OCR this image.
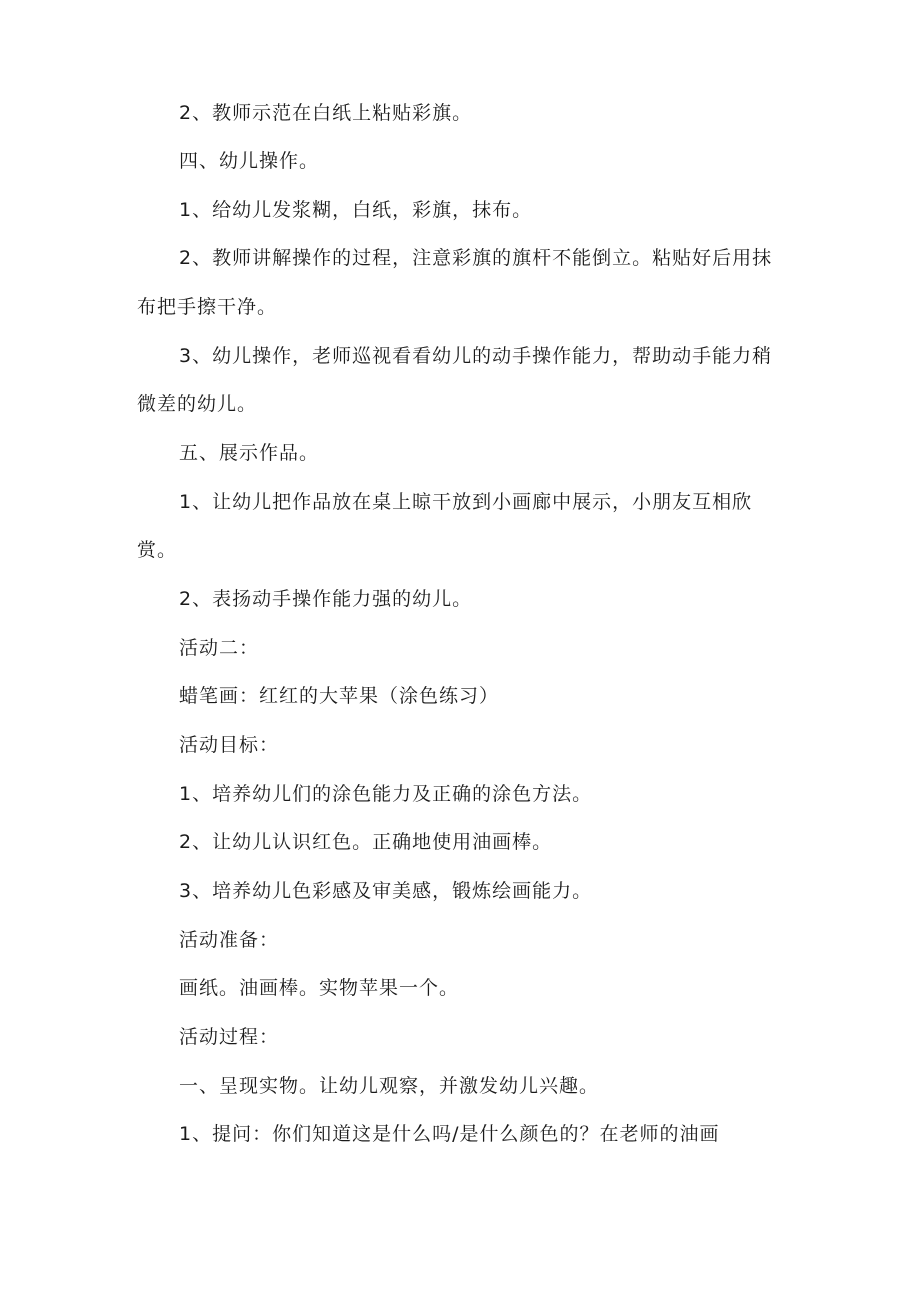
2、教师示范在白纸上粘贴彩旗。
四、幼儿操作。
1、给幼儿发浆糊，白纸，彩旗，抹布。
2、教师讲解操作的过程，注意彩旗的旗杆不能倒立。粘贴好后用抹
布把手擦干净。
3、幼儿操作，老师巡视看看幼儿的动手操作能力，帮助动手能力稍
微差的幼儿。
五、展示作品。
1、让幼儿把作品放在桌上晾干放到小画廊中展示，小朋友互相欣
赏。
2、表扬动手操作能力强的幼儿。
活动二：
蜡笔画：红红的大苹果（涂色练习）
活动目标：
1、培养幼儿们的涂色能力及正确的涂色方法。
2、让幼儿认识红色。正确地使用油画棒。
3、培养幼儿色彩感及审美感，锻炼绘画能力。
活动准备：
画纸。油画棒。实物苹果一个。
活动过程：
一、呈现实物。让幼儿观察，并激发幼儿兴趣。
1、提问：你们知道这是什么吗/是什么颜色的？在老师的油画
